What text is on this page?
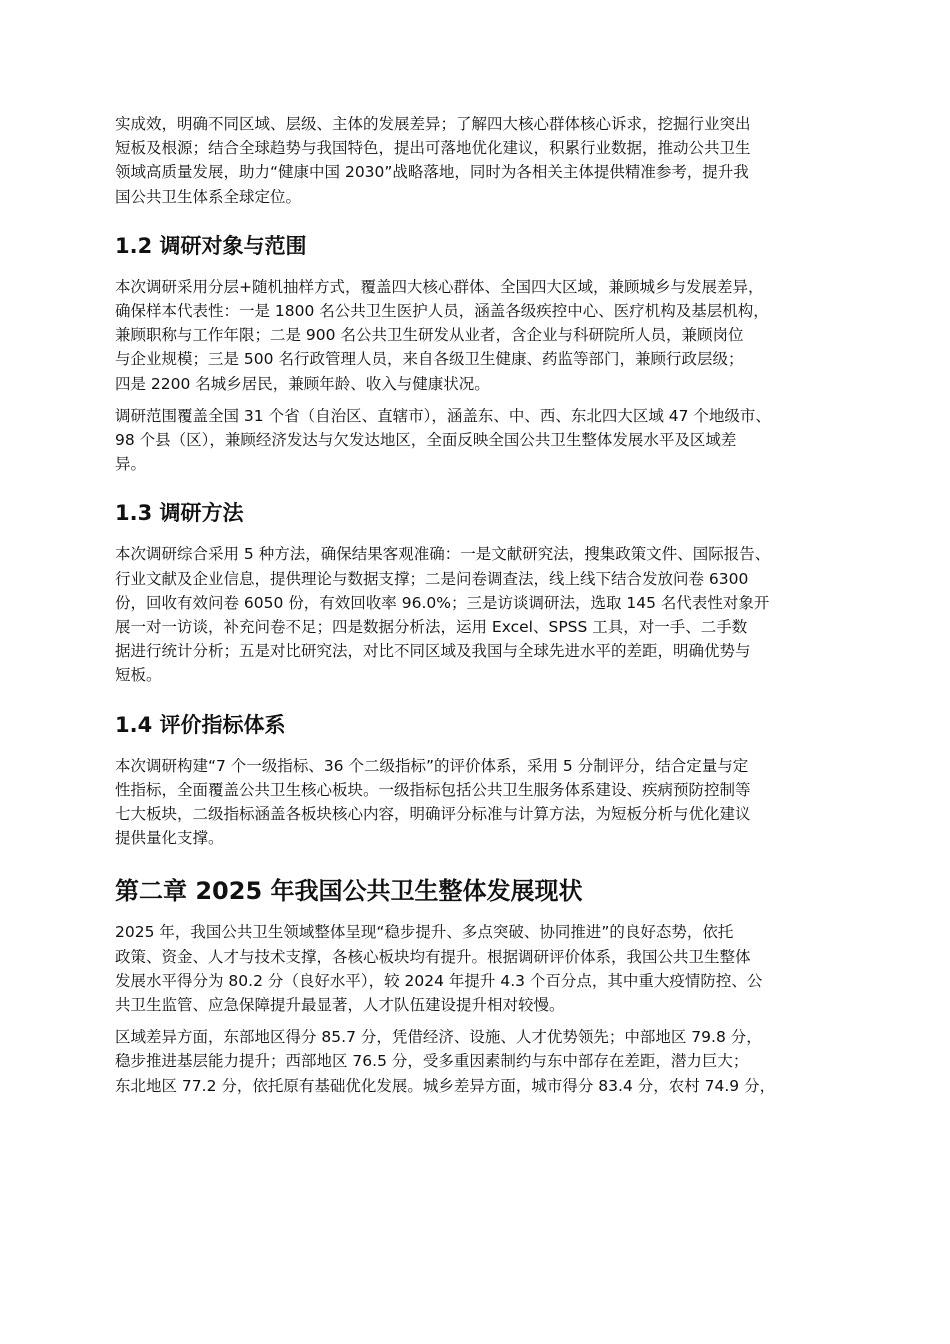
实成效，明确不同区域、层级、主体的发展差异；了解四大核心群体核心诉求，挖掘行业突出
短板及根源；结合全球趋势与我国特色，提出可落地优化建议，积累行业数据，推动公共卫生
领域高质量发展，助力“健康中国 2030”战略落地，同时为各相关主体提供精准参考，提升我
国公共卫生体系全球定位。
1.2 调研对象与范围
本次调研采用分层+随机抽样方式，覆盖四大核心群体、全国四大区域，兼顾城乡与发展差异，
确保样本代表性：一是 1800 名公共卫生医护人员，涵盖各级疾控中心、医疗机构及基层机构，
兼顾职称与工作年限；二是 900 名公共卫生研发从业者，含企业与科研院所人员，兼顾岗位
与企业规模；三是 500 名行政管理人员，来自各级卫生健康、药监等部门，兼顾行政层级；
四是 2200 名城乡居民，兼顾年龄、收入与健康状况。
调研范围覆盖全国 31 个省（自治区、直辖市），涵盖东、中、西、东北四大区域 47 个地级市、
98 个县（区），兼顾经济发达与欠发达地区，全面反映全国公共卫生整体发展水平及区域差
异。
1.3 调研方法
本次调研综合采用 5 种方法，确保结果客观准确：一是文献研究法，搜集政策文件、国际报告、
行业文献及企业信息，提供理论与数据支撑；二是问卷调查法，线上线下结合发放问卷 6300
份，回收有效问卷 6050 份，有效回收率 96.0%；三是访谈调研法，选取 145 名代表性对象开
展一对一访谈，补充问卷不足；四是数据分析法，运用 Excel、SPSS 工具，对一手、二手数
据进行统计分析；五是对比研究法，对比不同区域及我国与全球先进水平的差距，明确优势与
短板。
1.4 评价指标体系
本次调研构建“7 个一级指标、36 个二级指标”的评价体系，采用 5 分制评分，结合定量与定
性指标，全面覆盖公共卫生核心板块。一级指标包括公共卫生服务体系建设、疾病预防控制等
七大板块，二级指标涵盖各板块核心内容，明确评分标准与计算方法，为短板分析与优化建议
提供量化支撑。
第二章 2025 年我国公共卫生整体发展现状
2025 年，我国公共卫生领域整体呈现“稳步提升、多点突破、协同推进”的良好态势，依托
政策、资金、人才与技术支撑，各核心板块均有提升。根据调研评价体系，我国公共卫生整体
发展水平得分为 80.2 分（良好水平），较 2024 年提升 4.3 个百分点，其中重大疫情防控、公
共卫生监管、应急保障提升最显著，人才队伍建设提升相对较慢。
区域差异方面，东部地区得分 85.7 分，凭借经济、设施、人才优势领先；中部地区 79.8 分，
稳步推进基层能力提升；西部地区 76.5 分，受多重因素制约与东中部存在差距，潜力巨大；
东北地区 77.2 分，依托原有基础优化发展。城乡差异方面，城市得分 83.4 分，农村 74.9 分，
